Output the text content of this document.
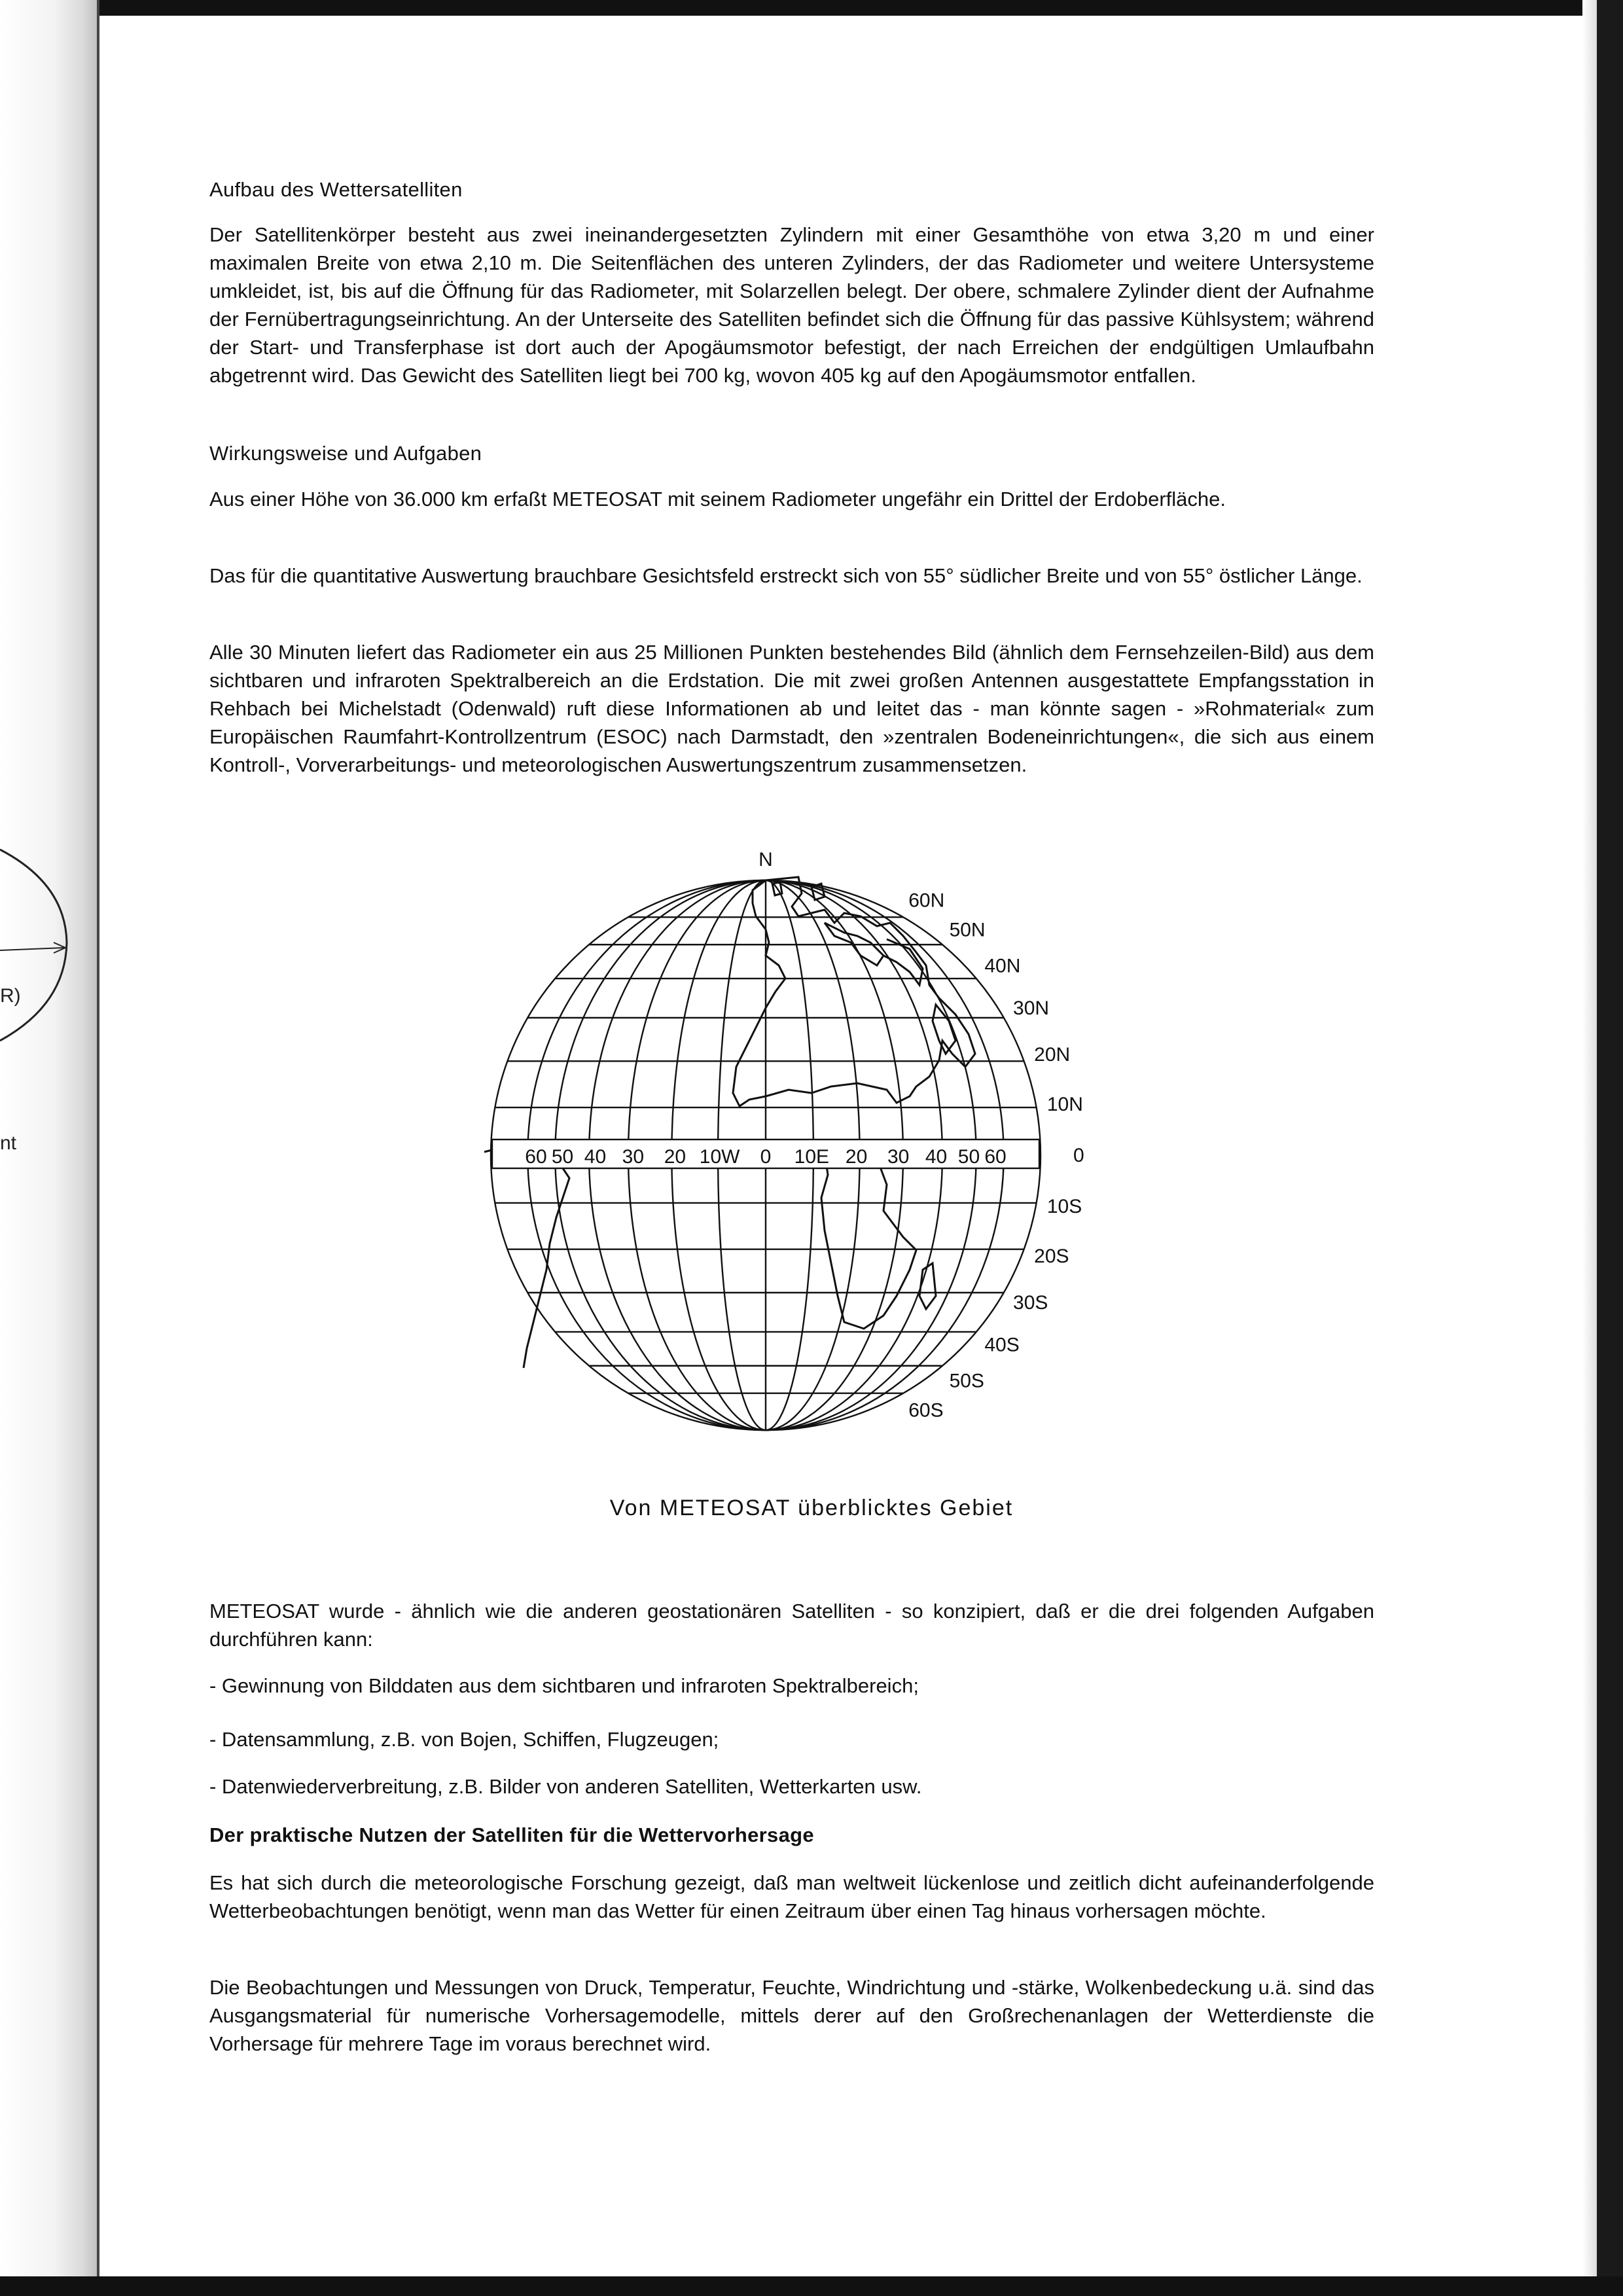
R)
nt
Aufbau des Wettersatelliten

Der Satellitenkörper besteht aus zwei ineinandergesetzten Zylindern mit einer Gesamthöhe von etwa 3,20 m und einer maximalen Breite von etwa 2,10 m. Die Seitenflächen des unteren Zylinders, der das Radiometer und weitere Untersysteme umkleidet, ist, bis auf die Öffnung für das Radiometer, mit Solarzellen belegt. Der obere, schmalere Zylinder dient der Aufnahme der Fernübertragungseinrichtung. An der Unterseite des Satelliten befindet sich die Öffnung für das passive Kühlsystem; während der Start- und Transferphase ist dort auch der Apogäumsmotor befestigt, der nach Erreichen der endgültigen Umlaufbahn abgetrennt wird. Das Gewicht des Satelliten liegt bei 700 kg, wovon 405 kg auf den Apogäumsmotor entfallen.

Wirkungsweise und Aufgaben

Aus einer Höhe von 36.000 km erfaßt METEOSAT mit seinem Radiometer ungefähr ein Drittel der Erdoberfläche.

Das für die quantitative Auswertung brauchbare Gesichtsfeld erstreckt sich von 55° südlicher Breite und von 55° östlicher Länge.

Alle 30 Minuten liefert das Radiometer ein aus 25 Millionen Punkten bestehendes Bild (ähnlich dem Fernsehzeilen-Bild) aus dem sichtbaren und infraroten Spektralbereich an die Erdstation. Die mit zwei großen Antennen ausgestattete Empfangsstation in Rehbach bei Michelstadt (Odenwald) ruft diese Informationen ab und leitet das - man könnte sagen - »Rohmaterial« zum Europäischen Raumfahrt-Kontrollzentrum (ESOC) nach Darmstadt, den »zentralen Bodeneinrichtungen«, die sich aus einem Kontroll-, Vorverarbeitungs- und meteorologischen Auswertungszentrum zusammensetzen.

METEOSAT wurde - ähnlich wie die anderen geostationären Satelliten - so konzipiert, daß er die drei folgenden Aufgaben durchführen kann:

- Gewinnung von Bilddaten aus dem sichtbaren und infraroten Spektralbereich;
- Datensammlung, z.B. von Bojen, Schiffen, Flugzeugen;
- Datenwiederverbreitung, z.B. Bilder von anderen Satelliten, Wetterkarten usw.
Der praktische Nutzen der Satelliten für die Wettervorhersage

Es hat sich durch die meteorologische Forschung gezeigt, daß man weltweit lückenlose und zeitlich dicht aufeinanderfolgende Wetterbeobachtungen benötigt, wenn man das Wetter für einen Zeitraum über einen Tag hinaus vorhersagen möchte.

Die Beobachtungen und Messungen von Druck, Temperatur, Feuchte, Windrichtung und -stärke, Wolkenbedeckung u.ä. sind das Ausgangsmaterial für numerische Vorhersagemodelle, mittels derer auf den Großrechenanlagen der Wetterdienste die Vorhersage für mehrere Tage im voraus berechnet wird.

60 50 40 30 20 10W 0 10E 20 30 40 50 60
60N
50N
40N
30N
20N
10N
0
10S
20S
30S
40S
50S
60S
N
Von METEOSAT überblicktes Gebiet
